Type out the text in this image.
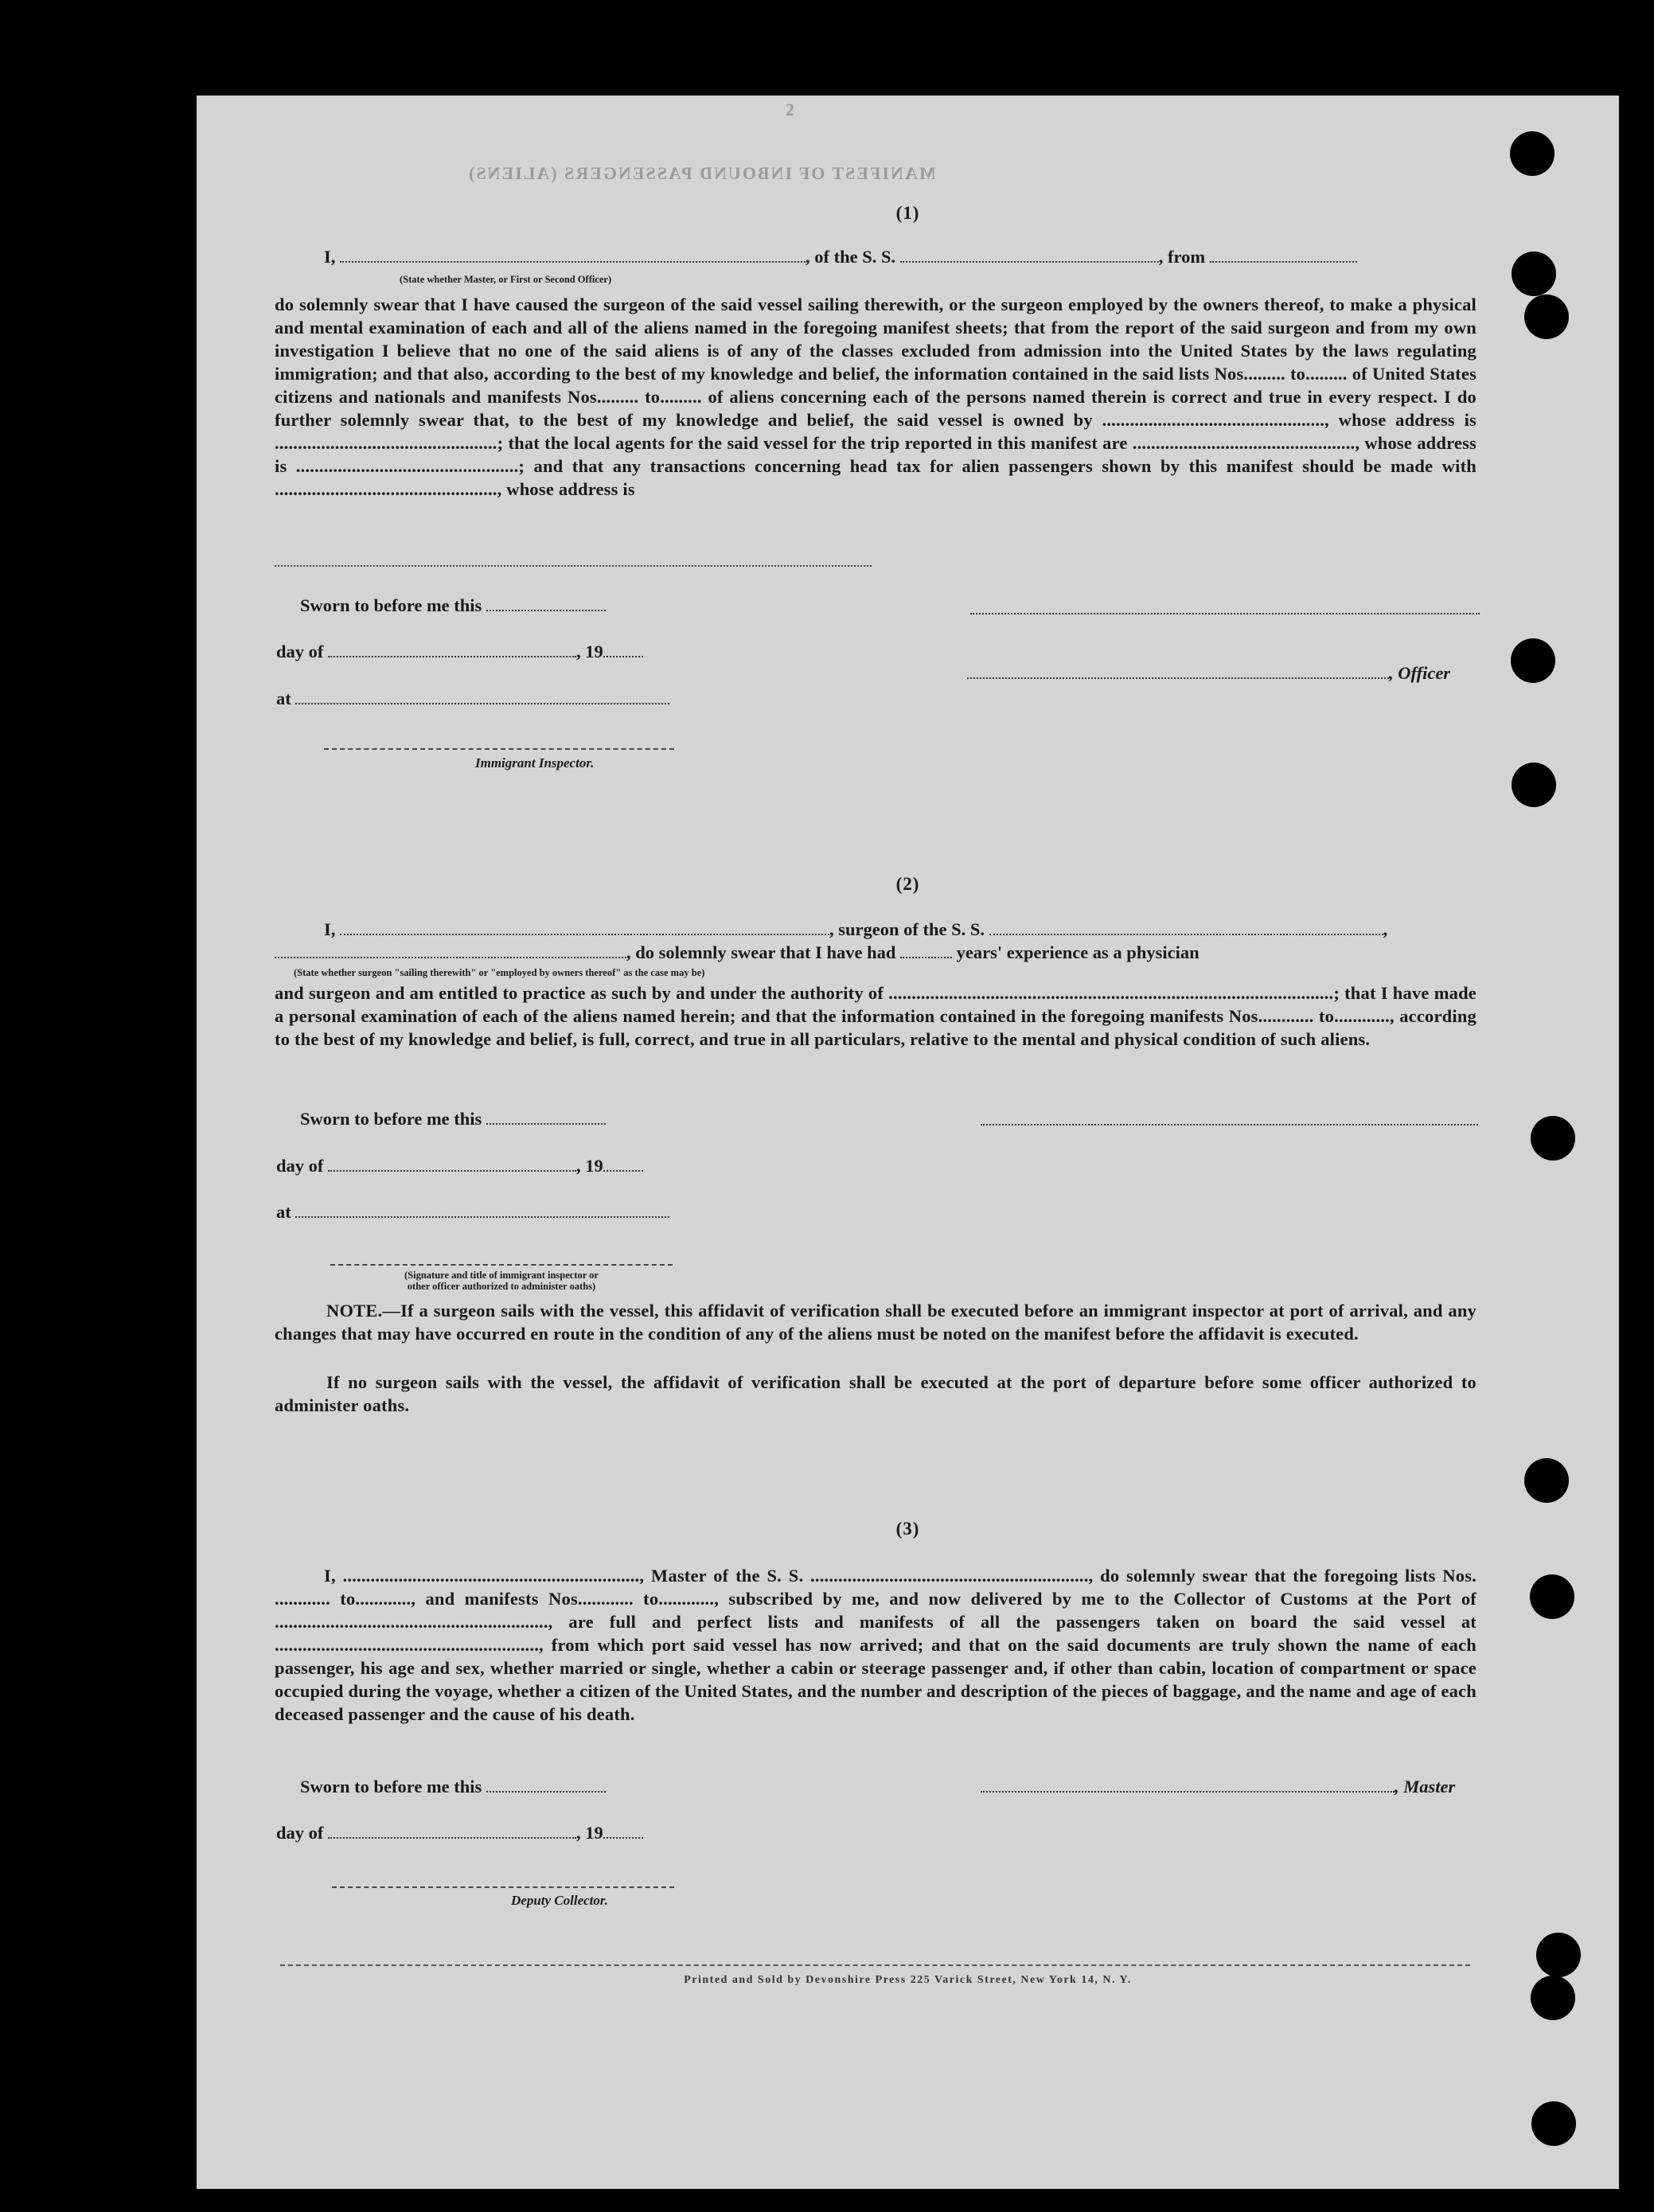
MANIFEST OF INBOUND PASSENGERS (ALIENS)
2
(1)
I,	, of the S. S.	, from
(State whether Master, or First or Second Officer)
do solemnly swear that I have caused the surgeon of the said vessel sailing therewith, or the surgeon employed by the owners thereof, to make a physical and mental examination of each and all of the aliens named in the foregoing manifest sheets; that from the report of the said surgeon and from my own investigation I believe that no one of the said aliens is of any of the classes excluded from admission into the United States by the laws regulating immigration; and that also, according to the best of my knowledge and belief, the information contained in the said lists Nos......... to......... of United States citizens and nationals and manifests Nos......... to......... of aliens concerning each of the persons named therein is correct and true in every respect. I do further solemnly swear that, to the best of my knowledge and belief, the said vessel is owned by ................................................, whose address is ................................................; that the local agents for the said vessel for the trip reported in this manifest are ................................................, whose address is ................................................; and that any transactions concerning head tax for alien passengers shown by this manifest should be made with ................................................, whose address is
Sworn to before me this
day of	, 19
, Officer
at
Immigrant Inspector.
(2)
I,	, surgeon of the S. S.	,
, do solemnly swear that I have had	years' experience as a physician
(State whether surgeon "sailing therewith" or "employed by owners thereof" as the case may be)
and surgeon and am entitled to practice as such by and under the authority of ................................................................................................; that I have made a personal examination of each of the aliens named herein; and that the information contained in the foregoing manifests Nos............ to............, according to the best of my knowledge and belief, is full, correct, and true in all particulars, relative to the mental and physical condition of such aliens.
Sworn to before me this
day of	, 19
at
(Signature and title of immigrant inspector or
other officer authorized to administer oaths)
NOTE.—If a surgeon sails with the vessel, this affidavit of verification shall be executed before an immigrant inspector at port of arrival, and any changes that may have occurred en route in the condition of any of the aliens must be noted on the manifest before the affidavit is executed.
If no surgeon sails with the vessel, the affidavit of verification shall be executed at the port of departure before some officer authorized to administer oaths.
(3)
I, ................................................................, Master of the S. S. ............................................................, do solemnly swear that the foregoing lists Nos. ............ to............, and manifests Nos............ to............, subscribed by me, and now delivered by me to the Collector of Customs at the Port of ..........................................................., are full and perfect lists and manifests of all the passengers taken on board the said vessel at ........................................................., from which port said vessel has now arrived; and that on the said documents are truly shown the name of each passenger, his age and sex, whether married or single, whether a cabin or steerage passenger and, if other than cabin, location of compartment or space occupied during the voyage, whether a citizen of the United States, and the number and description of the pieces of baggage, and the name and age of each deceased passenger and the cause of his death.
Sworn to before me this	, Master
day of	, 19
Deputy Collector.
Printed and Sold by Devonshire Press 225 Varick Street, New York 14, N. Y.
